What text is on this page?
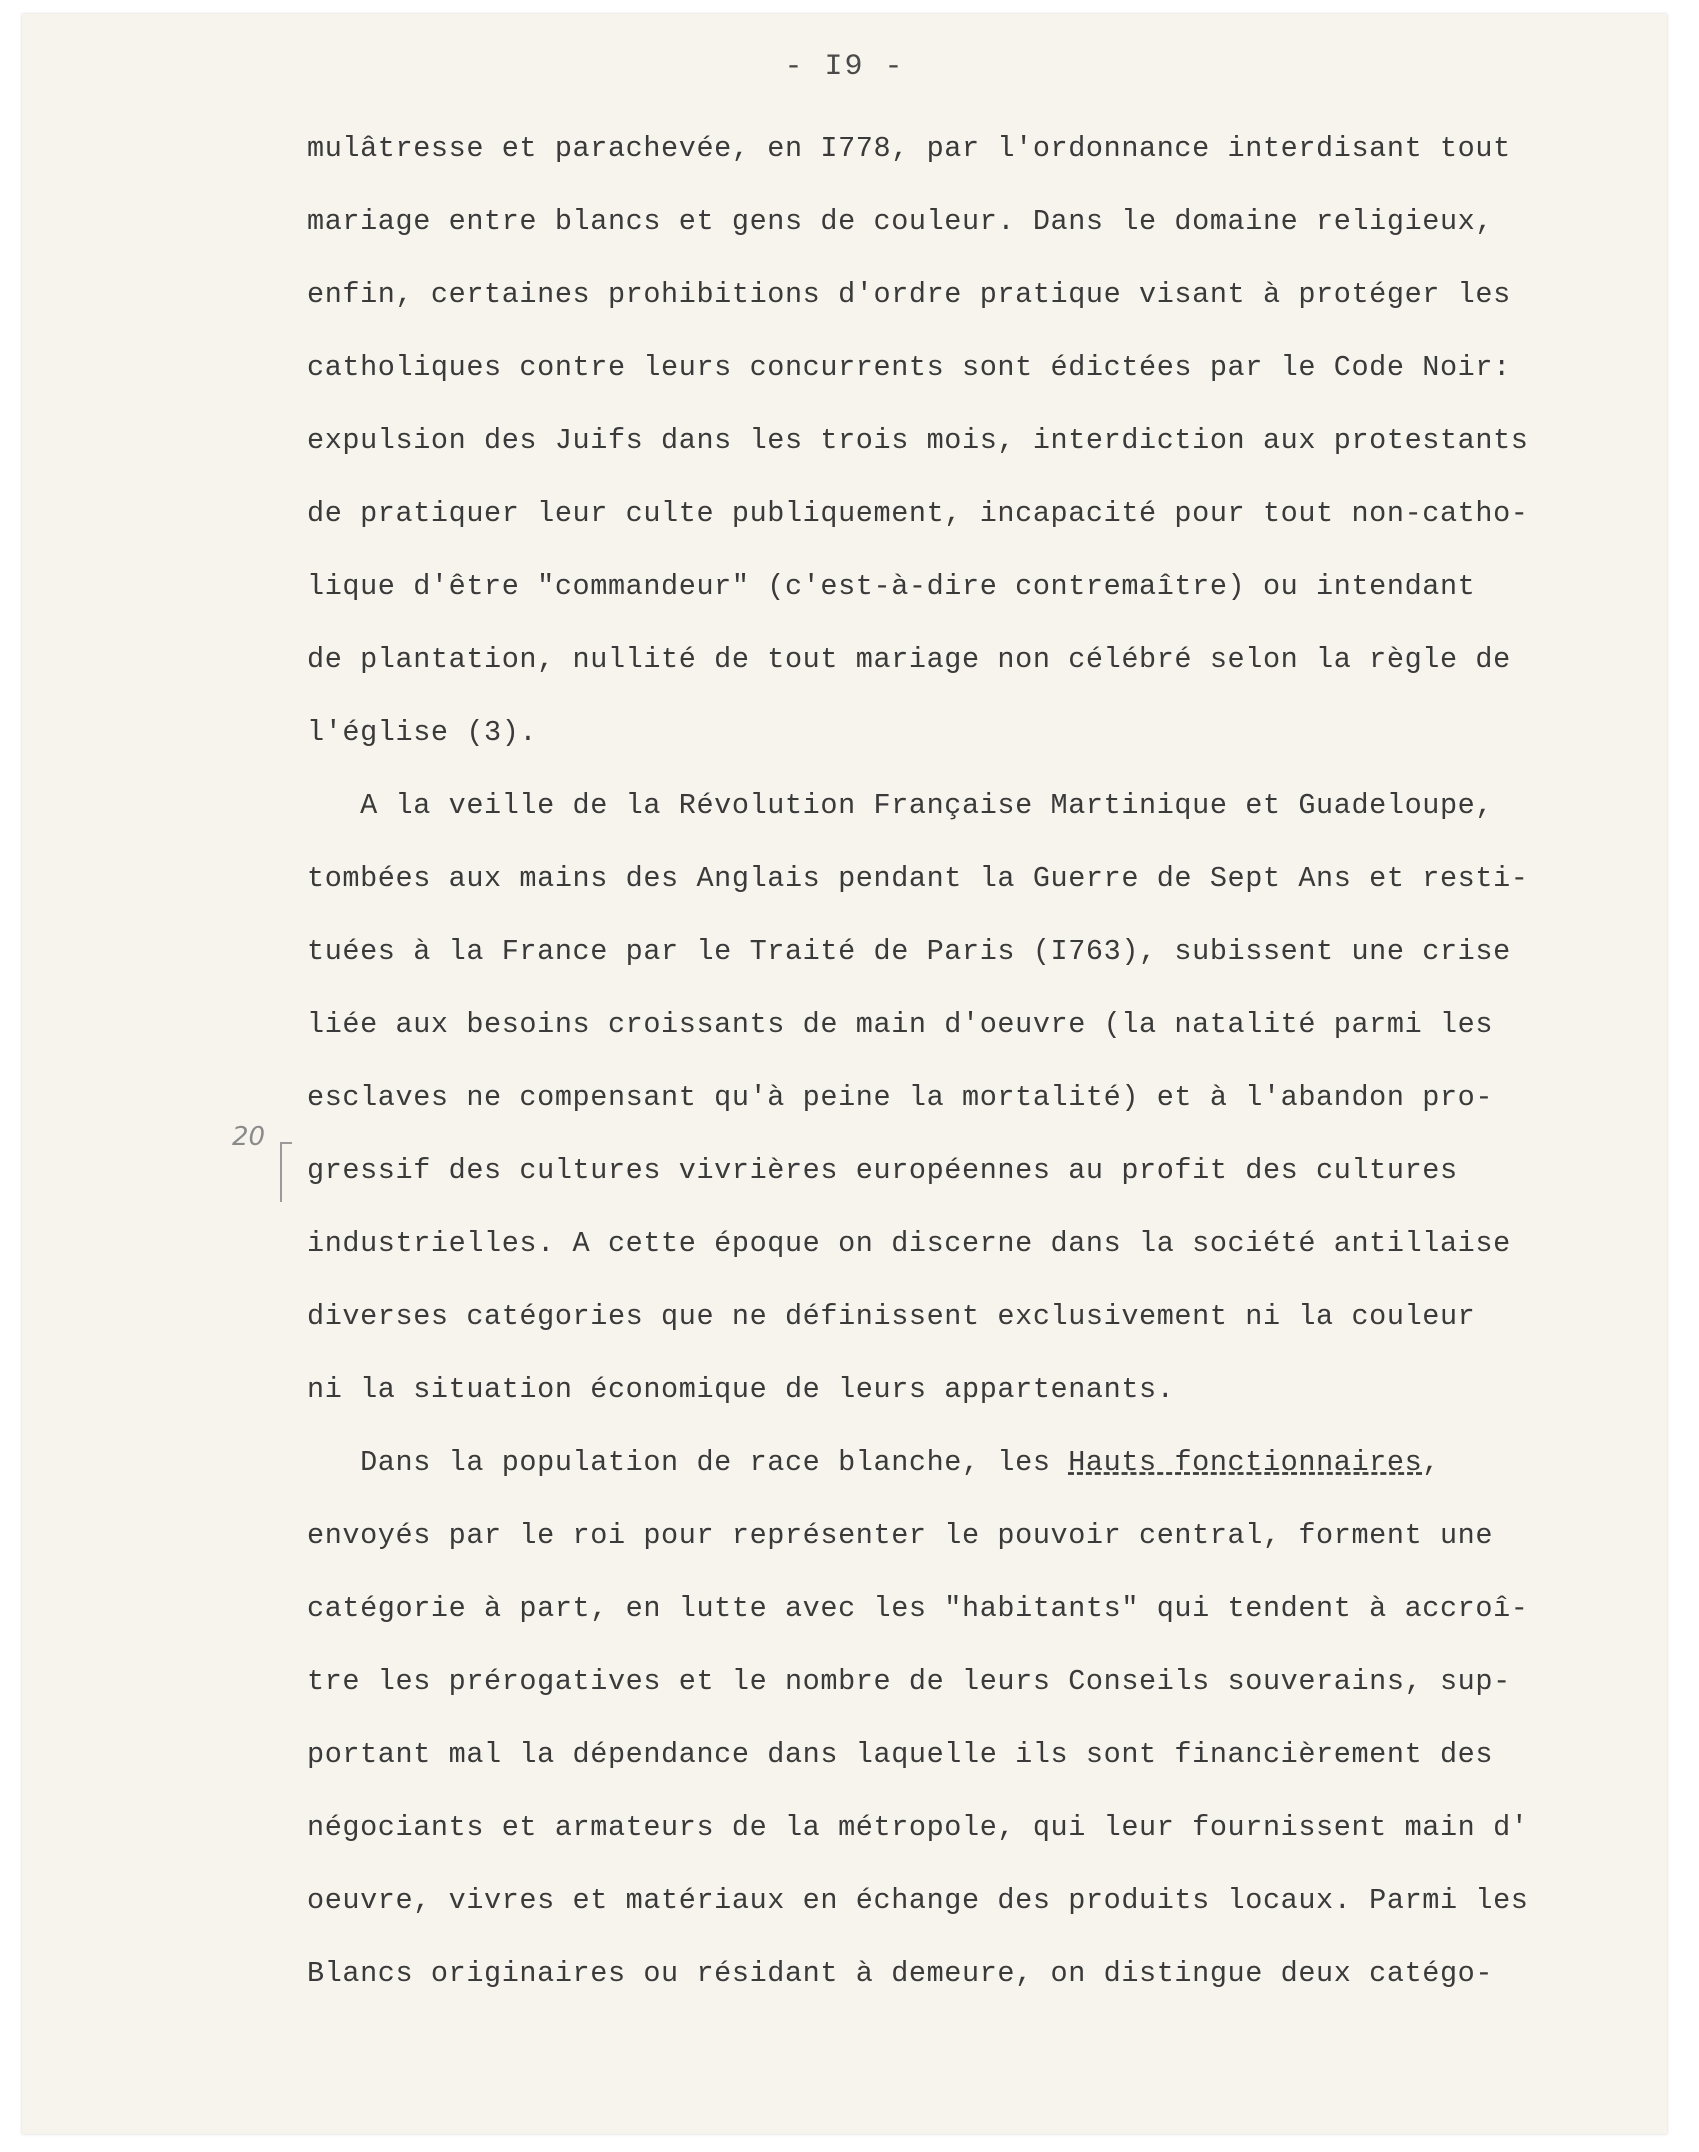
- I9 -
20
mulâtresse et parachevée, en I778, par l'ordonnance interdisant tout
mariage entre blancs et gens de couleur. Dans le domaine religieux,
enfin, certaines prohibitions d'ordre pratique visant à protéger les
catholiques contre leurs concurrents sont édictées par le Code Noir:
expulsion des Juifs dans les trois mois, interdiction aux protestants
de pratiquer leur culte publiquement, incapacité pour tout non-catho-
lique d'être "commandeur" (c'est-à-dire contremaître) ou intendant
de plantation, nullité de tout mariage non célébré selon la règle de
l'église (3).
A la veille de la Révolution Française Martinique et Guadeloupe,
tombées aux mains des Anglais pendant la Guerre de Sept Ans et resti-
tuées à la France par le Traité de Paris (I763), subissent une crise
liée aux besoins croissants de main d'oeuvre (la natalité parmi les
esclaves ne compensant qu'à peine la mortalité) et à l'abandon pro-
gressif des cultures vivrières européennes au profit des cultures
industrielles. A cette époque on discerne dans la société antillaise
diverses catégories que ne définissent exclusivement ni la couleur
ni la situation économique de leurs appartenants.
Dans la population de race blanche, les Hauts fonctionnaires,
envoyés par le roi pour représenter le pouvoir central, forment une
catégorie à part, en lutte avec les "habitants" qui tendent à accroî-
tre les prérogatives et le nombre de leurs Conseils souverains, sup-
portant mal la dépendance dans laquelle ils sont financièrement des
négociants et armateurs de la métropole, qui leur fournissent main d'
oeuvre, vivres et matériaux en échange des produits locaux. Parmi les
Blancs originaires ou résidant à demeure, on distingue deux catégo-
